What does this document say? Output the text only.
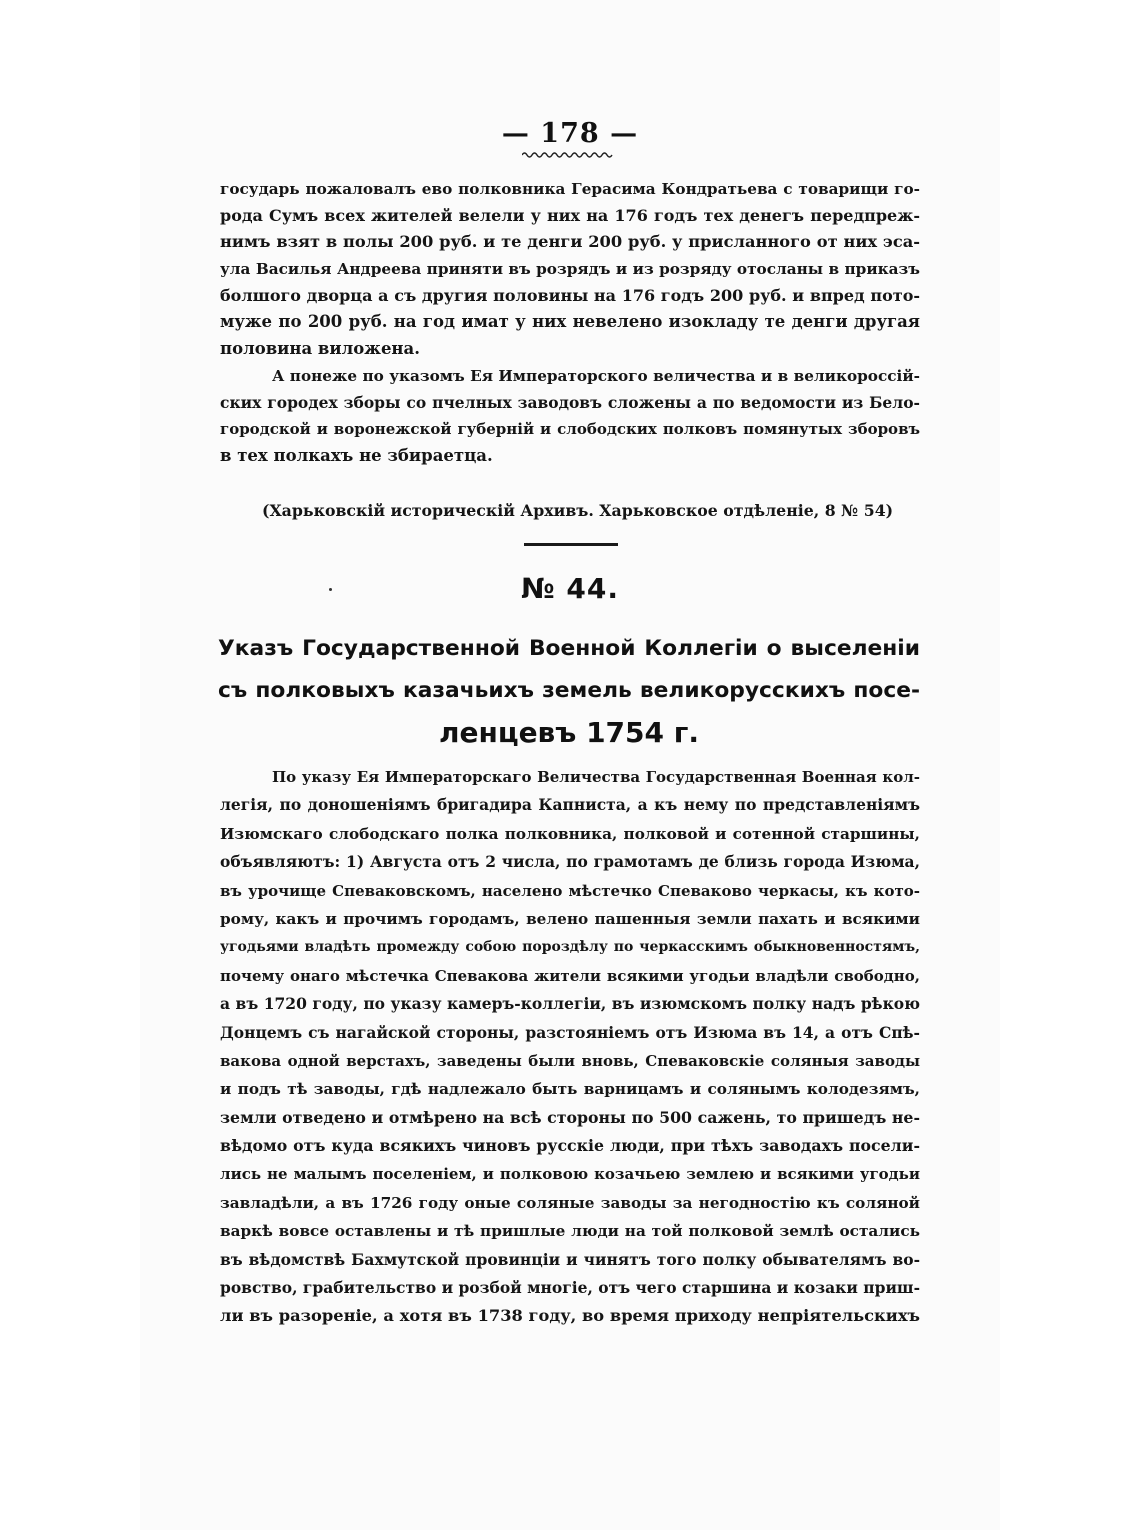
— 178 —
государь пожаловалъ ево полковника Герасима Кондратьева с товарищи го-
рода Сумъ всех жителей велели у них на 176 годъ тех денегъ передпреж-
нимъ взят в полы 200 руб. и те денги 200 руб. у присланного от них эса-
ула Василья Андреева приняти въ розрядъ и из розряду отосланы в приказъ
болшого дворца а съ другия половины на 176 годъ 200 руб. и впред пото-
муже по 200 руб. на год имат у них невелено изокладу те денги другая
половина виложена.
А понеже по указомъ Ея Императорского величества и в великороссій-
ских городех зборы со пчелных заводовъ сложены а по ведомости из Бело-
городской и воронежской губерній и слободских полковъ помянутых зборовъ
в тех полкахъ не збираетца.
(Харьковскій историческій Архивъ. Харьковское отдѣленіе, 8 № 54)
№ 44.
Указъ Государственной Военной Коллегіи о выселеніи
съ полковыхъ казачьихъ земель великорусскихъ посе-
ленцевъ 1754 г.
По указу Ея Императорскаго Величества Государственная Военная кол-
легія, по доношеніямъ бригадира Капниста, а къ нему по представленіямъ
Изюмскаго слободскаго полка полковника, полковой и сотенной старшины,
объявляютъ: 1) Августа отъ 2 числа, по грамотамъ де близь города Изюма,
въ урочище Спеваковскомъ, населено мѣстечко Спеваково черкасы, къ кото-
рому, какъ и прочимъ городамъ, велено пашенныя земли пахать и всякими
угодьями владѣть промежду собою пороздѣлу по черкасскимъ обыкновенностямъ,
почему онаго мѣстечка Спевакова жители всякими угодьи владѣли свободно,
а въ 1720 году, по указу камеръ-коллегіи, въ изюмскомъ полку надъ рѣкою
Донцемъ съ нагайской стороны, разстояніемъ отъ Изюма въ 14, а отъ Спѣ-
вакова одной верстахъ, заведены были вновь, Спеваковскіе соляныя заводы
и подъ тѣ заводы, гдѣ надлежало быть варницамъ и солянымъ колодезямъ,
земли отведено и отмѣрено на всѣ стороны по 500 сажень, то пришедъ не-
вѣдомо отъ куда всякихъ чиновъ русскіе люди, при тѣхъ заводахъ посели-
лись не малымъ поселеніем, и полковою козачьею землею и всякими угодьи
завладѣли, а въ 1726 году оные соляные заводы за негодностію къ соляной
варкѣ вовсе оставлены и тѣ пришлые люди на той полковой землѣ остались
въ вѣдомствѣ Бахмутской провинціи и чинятъ того полку обывателямъ во-
ровство, грабительство и розбой многіе, отъ чего старшина и козаки приш-
ли въ разореніе, а хотя въ 1738 году, во время приходу непріятельскихъ
